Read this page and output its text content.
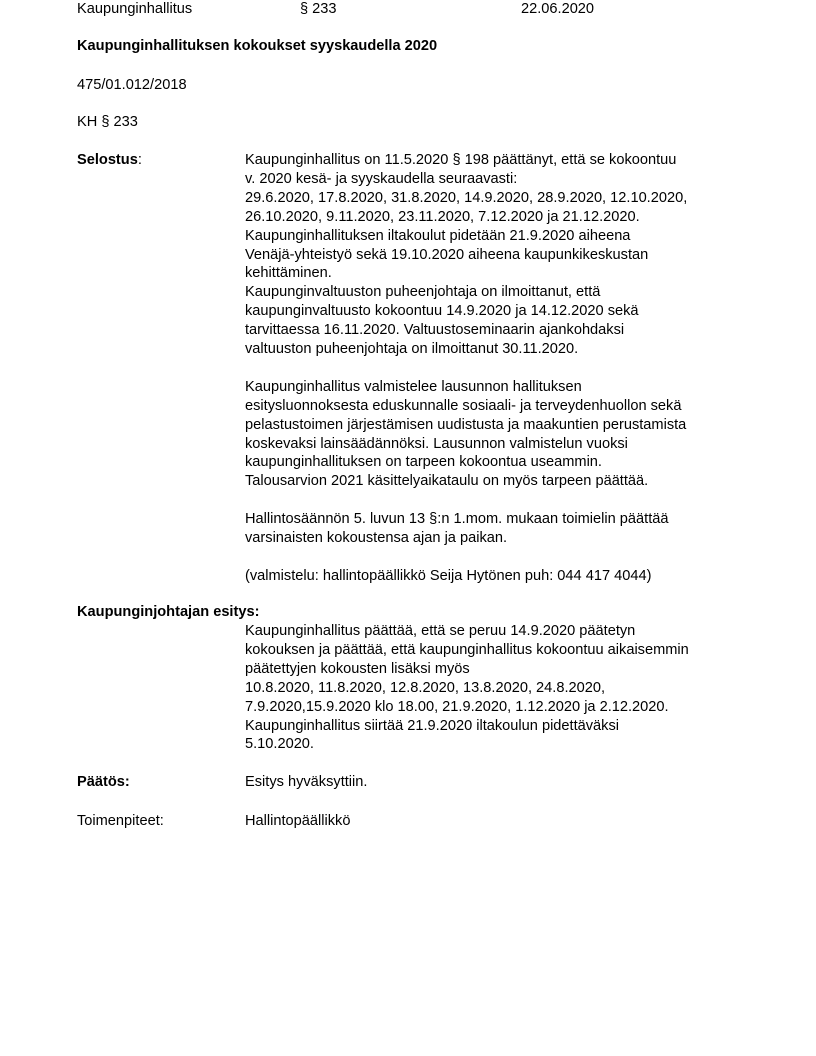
Kaupunginhallitus	§ 233	22.06.2020
Kaupunginhallituksen kokoukset syyskaudella 2020
475/01.012/2018
KH § 233
Selostus:	Kaupunginhallitus on 11.5.2020 § 198 päättänyt, että se kokoontuu

v. 2020 kesä- ja syyskaudella seuraavasti:

29.6.2020, 17.8.2020, 31.8.2020, 14.9.2020, 28.9.2020, 12.10.2020,

26.10.2020, 9.11.2020, 23.11.2020, 7.12.2020 ja 21.12.2020.

Kaupunginhallituksen iltakoulut pidetään 21.9.2020 aiheena

Venäjä-yhteistyö sekä 19.10.2020 aiheena kaupunkikeskustan

kehittäminen.

Kaupunginvaltuuston puheenjohtaja on ilmoittanut, että

kaupunginvaltuusto kokoontuu 14.9.2020 ja 14.12.2020 sekä

tarvittaessa 16.11.2020. Valtuustoseminaarin ajankohdaksi

valtuuston puheenjohtaja on ilmoittanut 30.11.2020.

Kaupunginhallitus valmistelee lausunnon hallituksen

esitysluonnoksesta eduskunnalle sosiaali- ja terveydenhuollon sekä

pelastustoimen järjestämisen uudistusta ja maakuntien perustamista

koskevaksi lainsäädännöksi. Lausunnon valmistelun vuoksi

kaupunginhallituksen on tarpeen kokoontua useammin.

Talousarvion 2021 käsittelyaikataulu on myös tarpeen päättää.

Hallintosäännön 5. luvun 13 §:n 1.mom. mukaan toimielin päättää

varsinaisten kokoustensa ajan ja paikan.

(valmistelu: hallintopäällikkö Seija Hytönen puh: 044 417 4044)

Kaupunginjohtajan esitys:

Kaupunginhallitus päättää, että se peruu 14.9.2020 päätetyn

kokouksen ja päättää, että kaupunginhallitus kokoontuu aikaisemmin

päätettyjen kokousten lisäksi myös

10.8.2020, 11.8.2020, 12.8.2020, 13.8.2020, 24.8.2020,

7.9.2020,15.9.2020 klo 18.00, 21.9.2020, 1.12.2020 ja 2.12.2020.

Kaupunginhallitus siirtää 21.9.2020 iltakoulun pidettäväksi

5.10.2020.

Päätös:	Esitys hyväksyttiin.
Toimenpiteet:	Hallintopäällikkö
